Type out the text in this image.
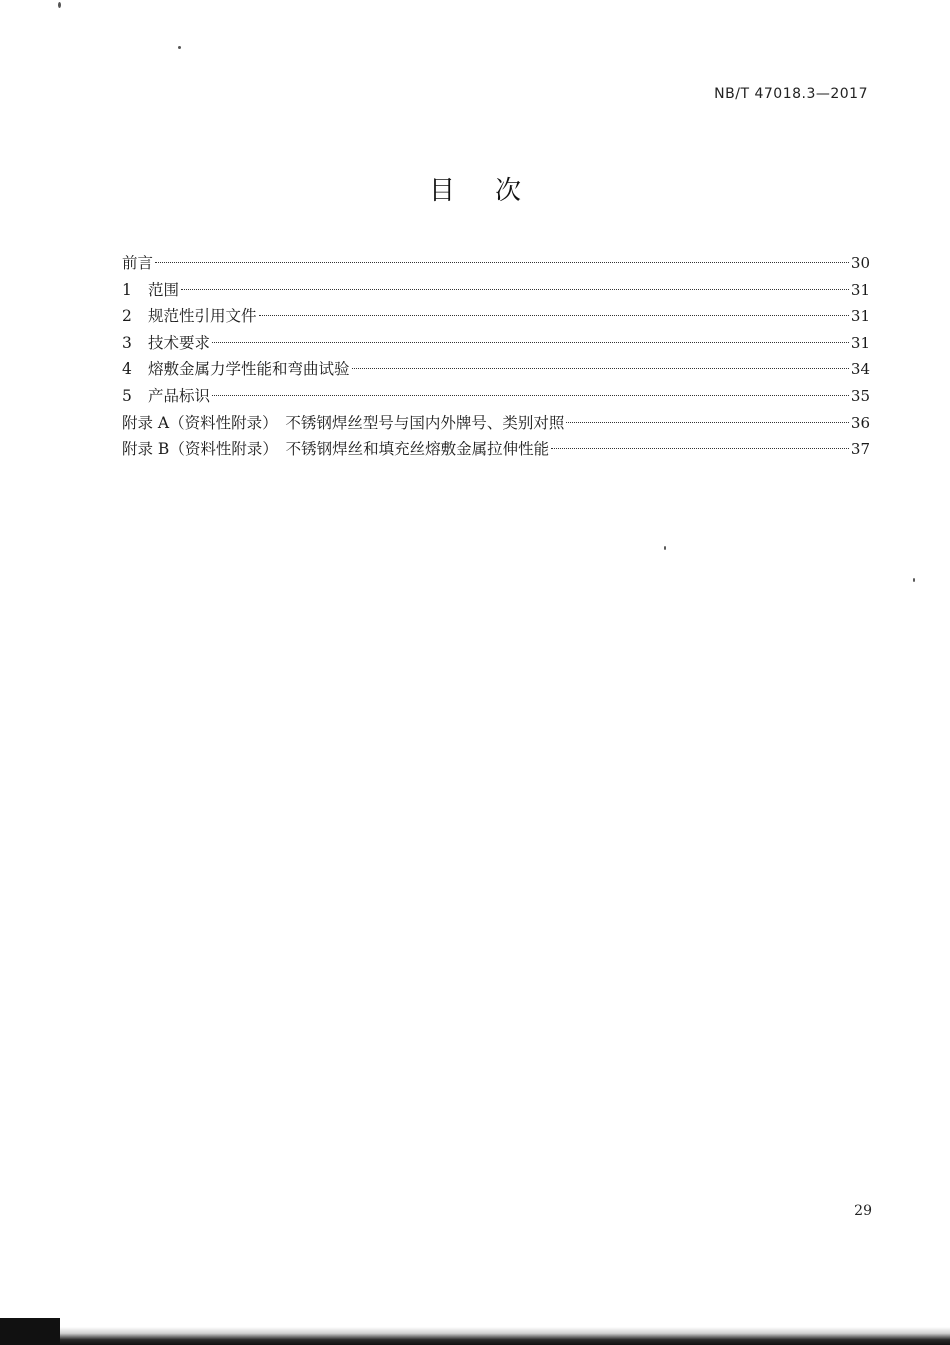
NB/T 47018.3—2017
目次
前言	30
1	范围	31
2	规范性引用文件	31
3	技术要求	31
4	熔敷金属力学性能和弯曲试验	34
5	产品标识	35
附录 A（资料性附录）　不锈钢焊丝型号与国内外牌号、类别对照	36
附录 B（资料性附录）　不锈钢焊丝和填充丝熔敷金属拉伸性能	37
29
